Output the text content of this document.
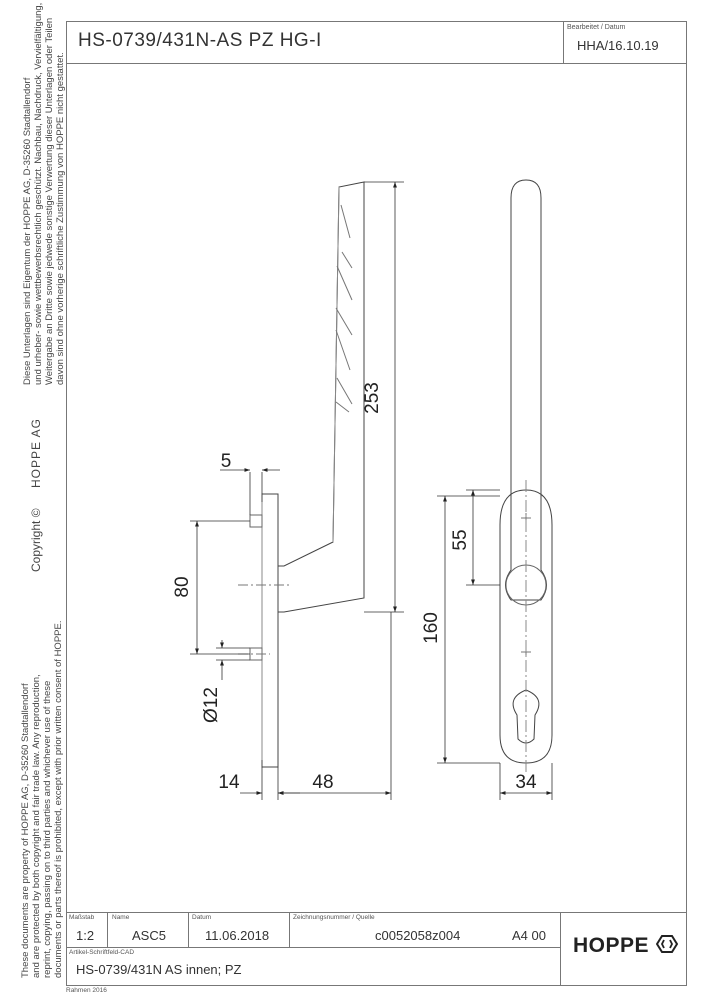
HS-0739/431N-AS PZ HG-I
Bearbeitet / Datum
HHA/16.10.19
Diese Unterlagen sind Eigentum der HOPPE AG, D-35260 Stadtallendorf und urheber- sowie wettbewerbsrechtlich geschützt. Nachbau, Nachdruck, Vervielfältigung, Weitergabe an Dritte sowie jedwede sonstige Verwertung dieser Unterlagen oder Teilen davon sind ohne vorherige schriftliche Zustimmung von HOPPE nicht gestattet.
HOPPE AG
Copyright ©
These documents are property of HOPPE AG, D-35260 Stadtallendorf and are protected by both copyright and fair trade law. Any reproduction, reprint, copying, passing on to third parties and whichever use of these documents or parts thereof is prohibited, except with prior written consent of HOPPE.
253
5
80
Ø12
14	48
55
160
34
Maßstab
1:2
Name
ASC5
Datum
11.06.2018
Zeichnungsnummer / Quelle
c0052058z004	A4 00
Artikel-Schriftfeld-CAD
HS-0739/431N AS innen; PZ
HOPPE
Rahmen 2016
